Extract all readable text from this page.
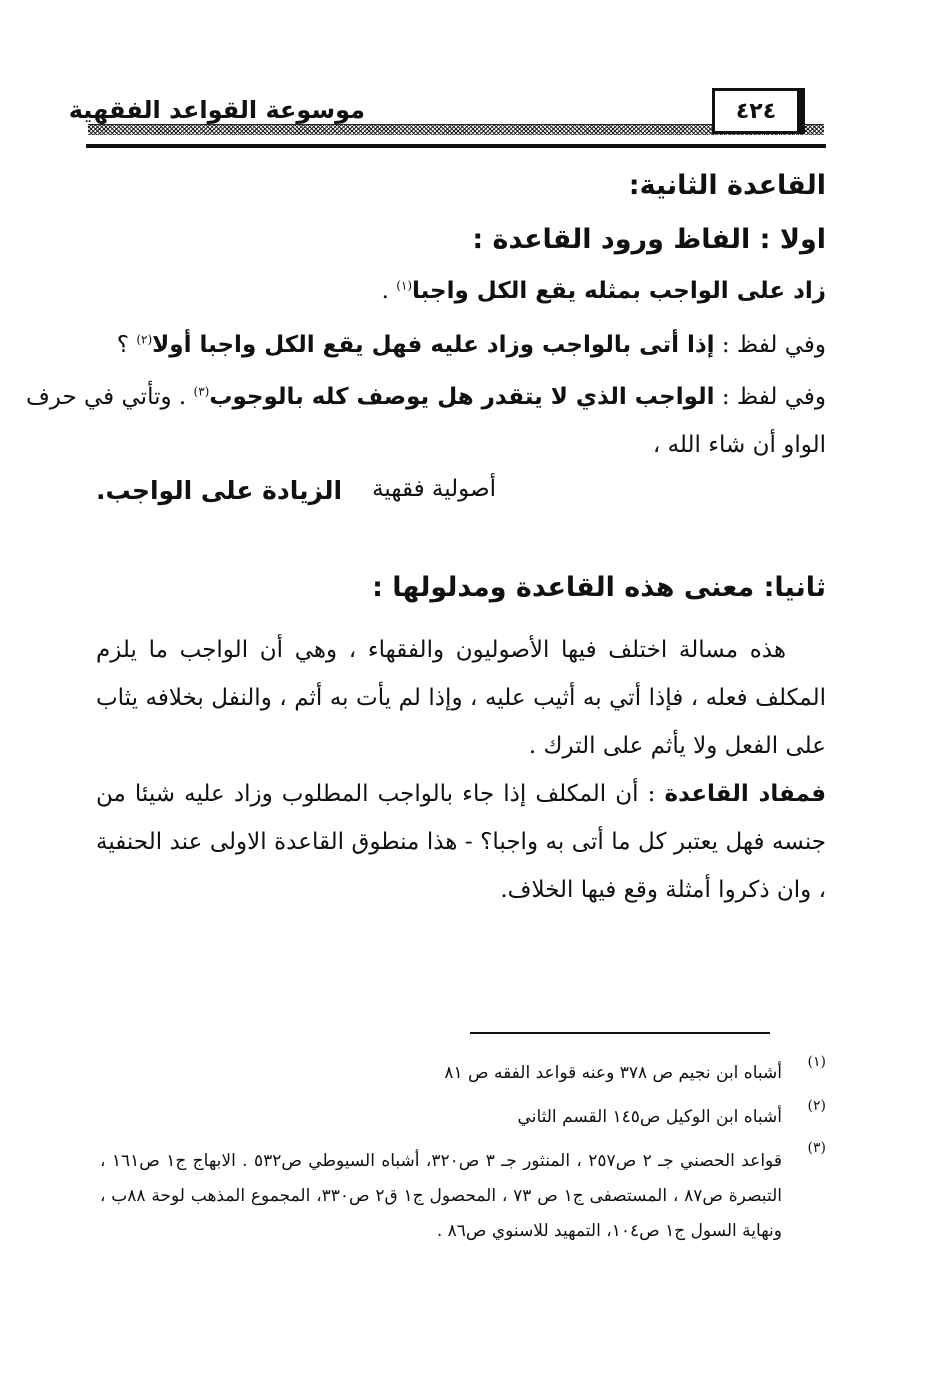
موسوعة القواعد الفقهية	٤٢٤
القاعدة الثانية:
اولا : الفاظ ورود القاعدة :
زاد على الواجب بمثله يقع الكل واجبا$^{(١)}$ .
وفي لفظ : إذا أتى بالواجب وزاد عليه فهل يقع الكل واجبا أولا$^{(٢)}$ ؟
وفي لفظ : الواجب الذي لا يتقدر هل يوصف كله بالوجوب$^{(٣)}$ . وتأتي في حرف
الواو أن شاء الله ،
أصولية فقهية
الزيادة على الواجب.
ثانيا: معنى هذه القاعدة ومدلولها :
هذه مسالة اختلف فيها الأصوليون والفقهاء ، وهي أن الواجب ما يلزم المكلف فعله ، فإذا أتي به أثيب عليه ، وإذا لم يأت به أثم ، والنفل بخلافه يثاب على الفعل ولا يأثم على الترك .
فمفاد القاعدة : أن المكلف إذا جاء بالواجب المطلوب وزاد عليه شيئا من جنسه فهل يعتبر كل ما أتى به واجبا؟ - هذا منطوق القاعدة الاولى عند الحنفية ، وان ذكروا أمثلة وقع فيها الخلاف.
(١)
أشباه ابن نجيم ص ٣٧٨ وعنه قواعد الفقه ص ٨١
(٢)
أشباه ابن الوكيل ص١٤٥ القسم الثاني
(٣)
قواعد الحصني جـ ٢ ص٢٥٧ ، المنثور جـ ٣ ص٣٢٠، أشباه السيوطي ص٥٣٢ . الابهاج ج١ ص١٦١ ، التبصرة ص٨٧ ، المستصفى ج١ ص ٧٣ ، المحصول ج١ ق٢ ص٣٣٠، المجموع المذهب لوحة ٨٨ب ، ونهاية السول ج١ ص١٠٤، التمهيد للاسنوي ص٨٦ .
